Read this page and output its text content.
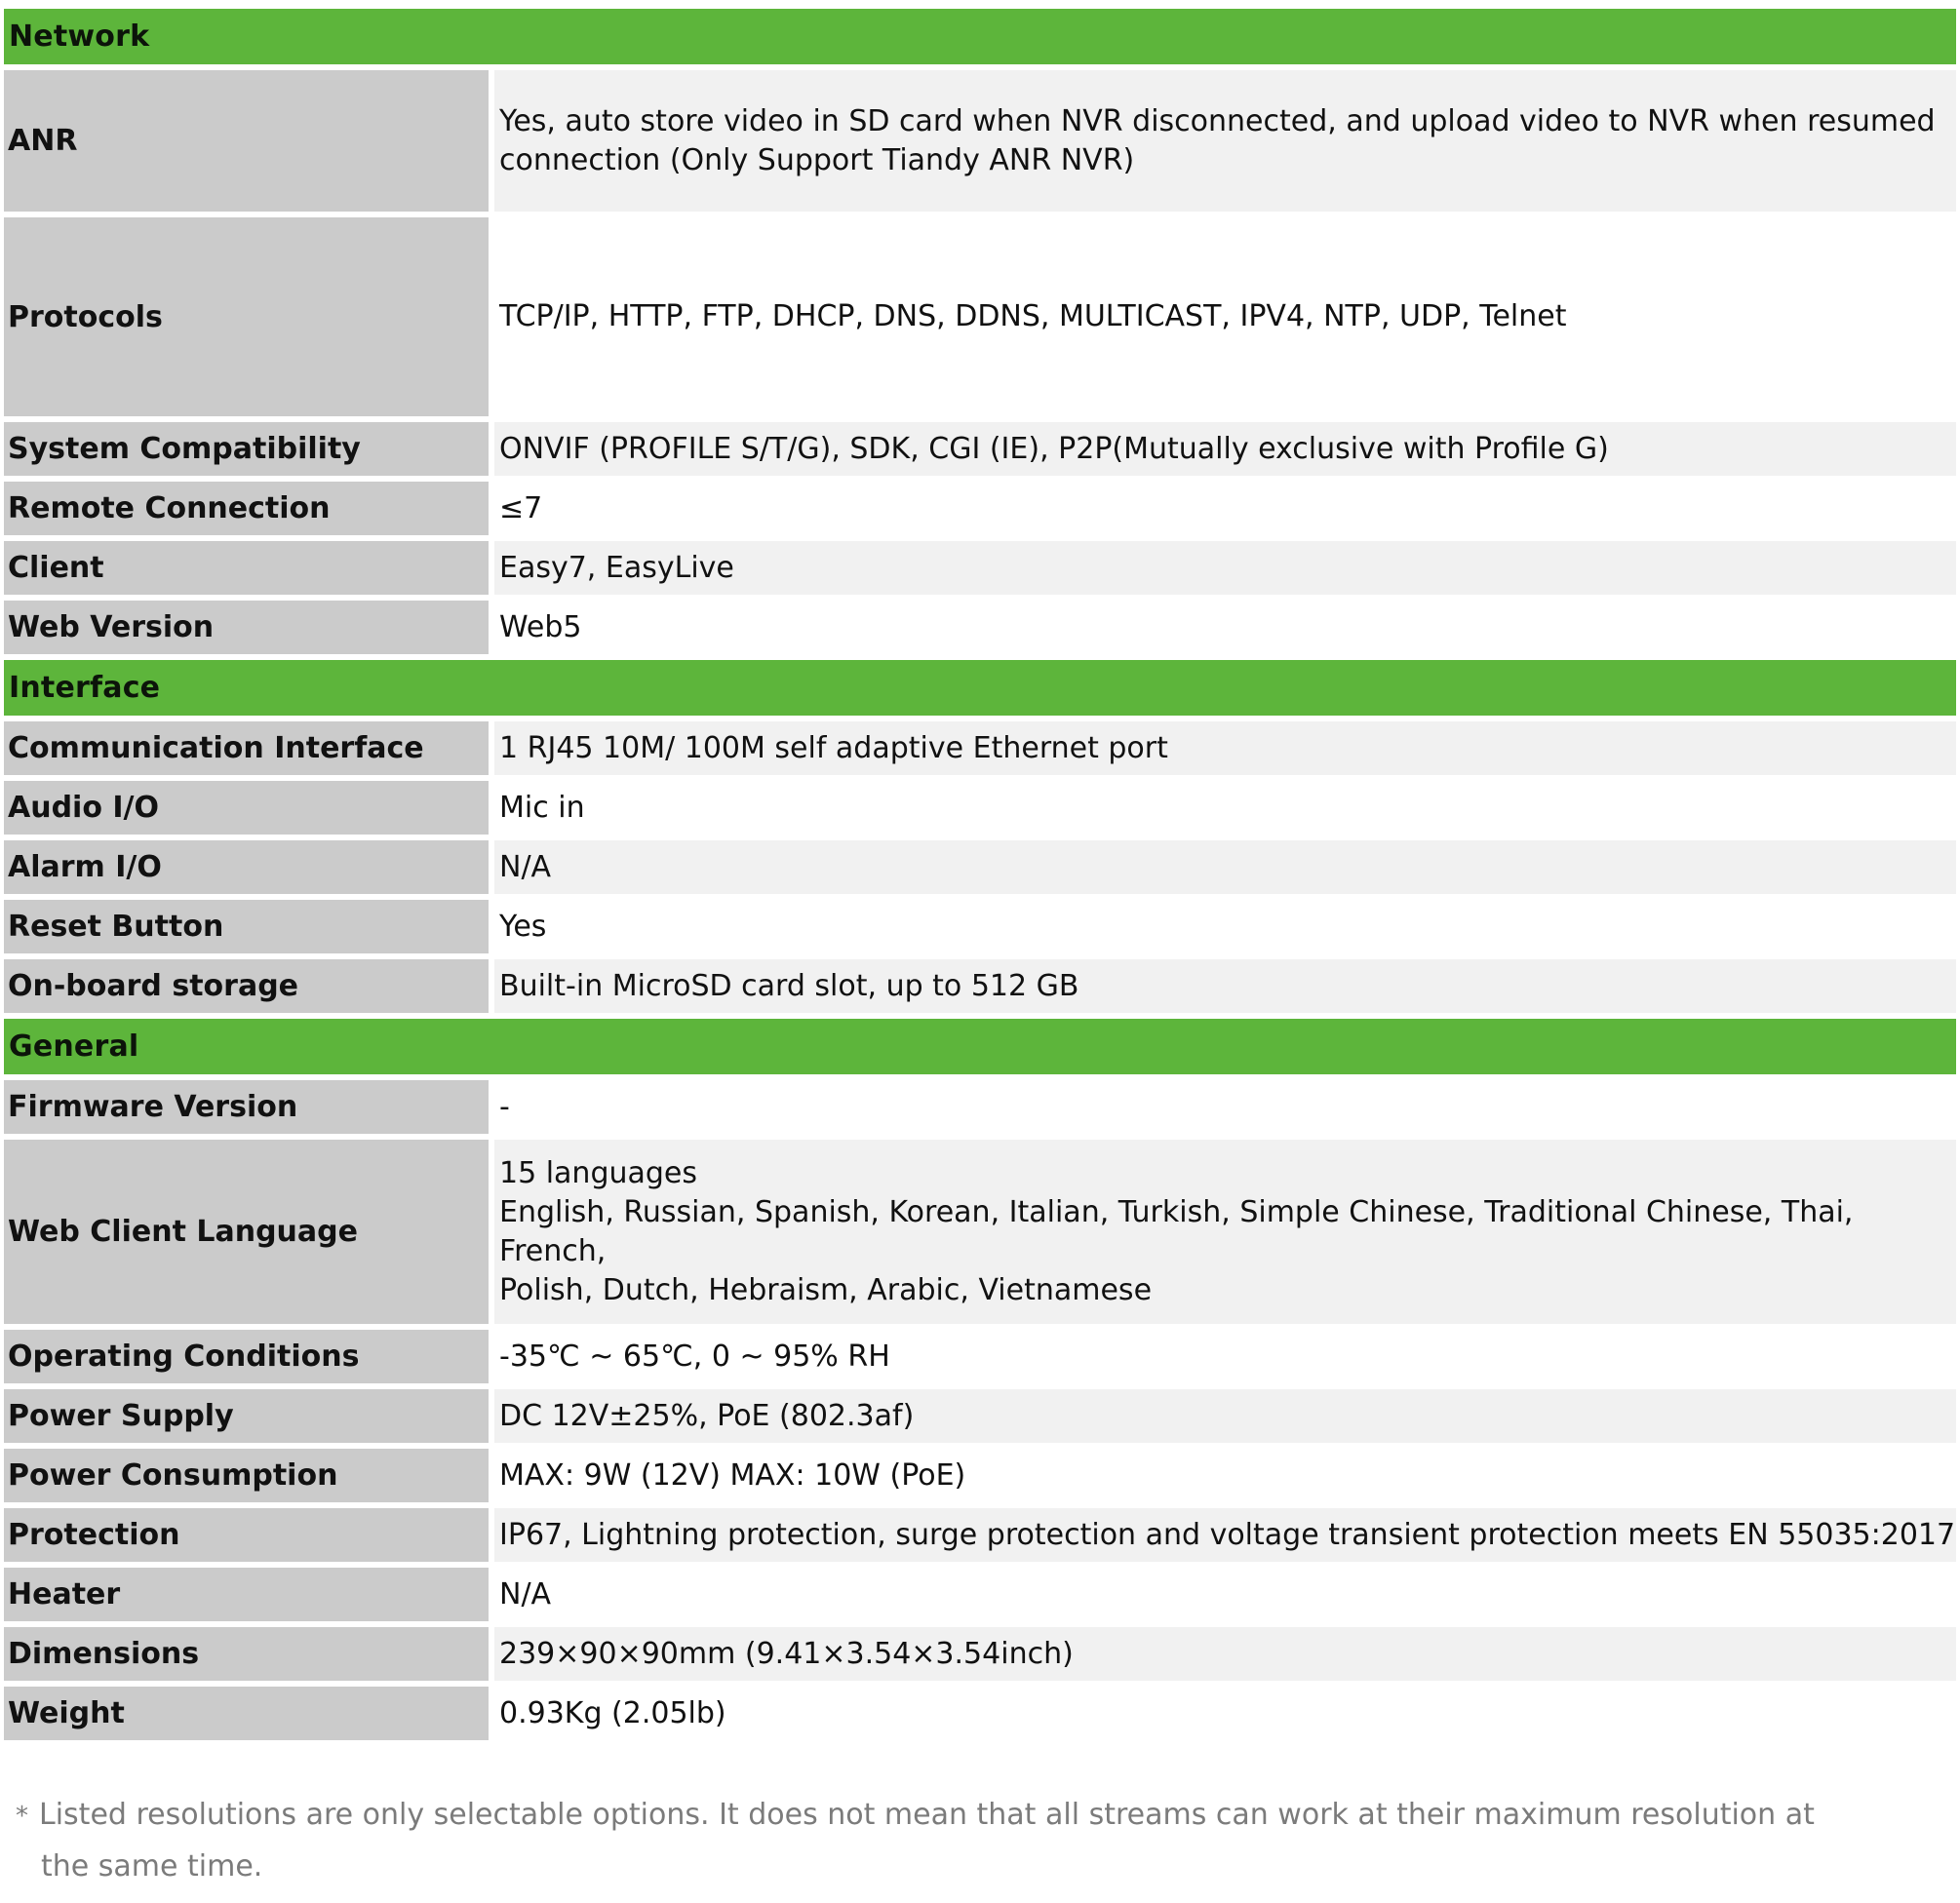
Network		
ANR		Yes, auto store video in SD card when NVR disconnected, and upload video to NVR when resumed
connection (Only Support Tiandy ANR NVR)

Protocols		TCP/IP, HTTP, FTP, DHCP, DNS, DDNS, MULTICAST, IPV4, NTP, UDP, Telnet
System Compatibility		ONVIF (PROFILE S/T/G), SDK, CGI (IE), P2P(Mutually exclusive with Profile G)
Remote Connection		≤7
Client		Easy7, EasyLive
Web Version		Web5
Interface		
Communication Interface		1 RJ45 10M/ 100M self adaptive Ethernet port
Audio I/O		Mic in
Alarm I/O		N/A
Reset Button		Yes
On-board storage		Built-in MicroSD card slot, up to 512 GB
General		
Firmware Version		-
Web Client Language		15 languages
English, Russian, Spanish, Korean, Italian, Turkish, Simple Chinese, Traditional Chinese, Thai, French,
Polish, Dutch, Hebraism, Arabic, Vietnamese

Operating Conditions		-35℃ ~ 65℃, 0 ~ 95% RH
Power Supply		DC 12V±25%, PoE (802.3af)
Power Consumption		MAX: 9W (12V) MAX: 10W (PoE)
Protection		IP67, Lightning protection, surge protection and voltage transient protection meets EN 55035:2017
Heater		N/A
Dimensions		239×90×90mm (9.41×3.54×3.54inch)
Weight		0.93Kg (2.05lb)
* Listed resolutions are only selectable options. It does not mean that all streams can work at their maximum resolution at
the same time.
